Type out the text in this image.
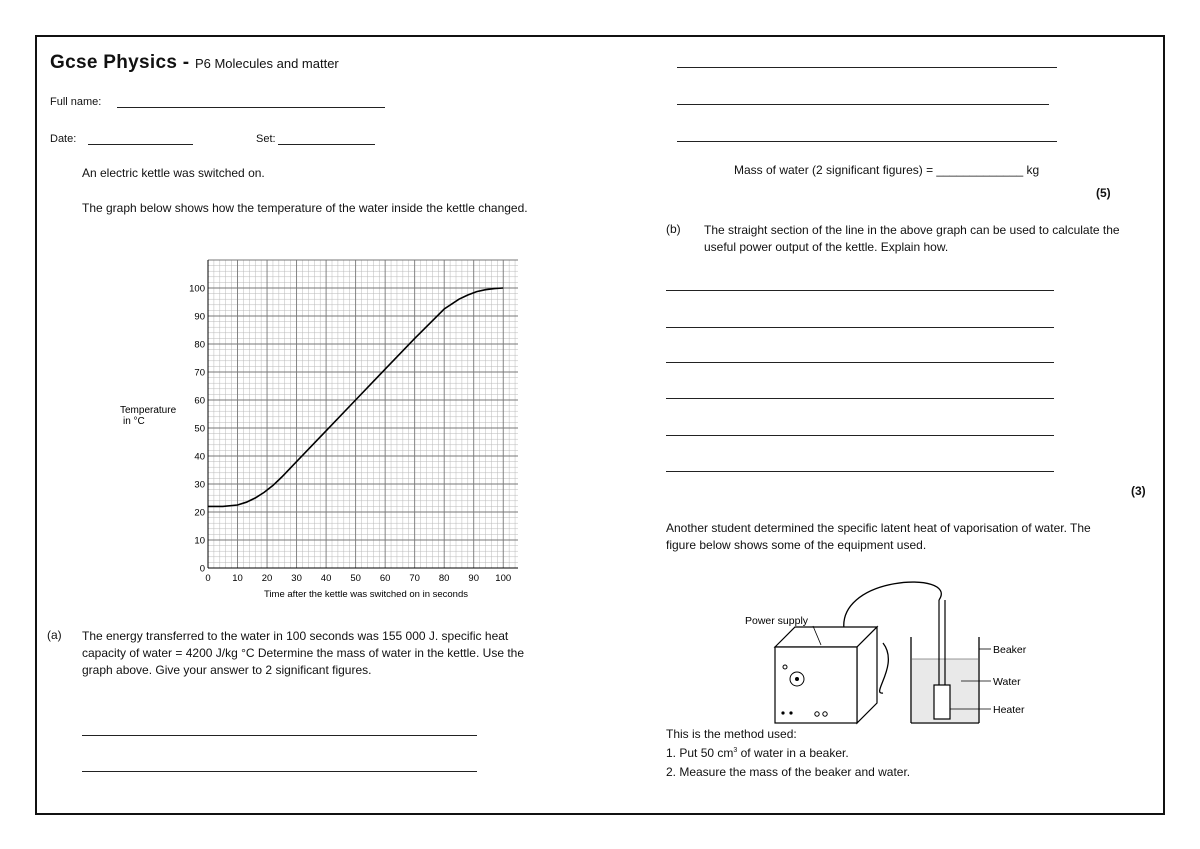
Gcse Physics - P6 Molecules and matter
Full name:
Date:	Set:
An electric kettle was switched on.
The graph below shows how the temperature of the water inside the kettle changed.
0 10 20 30 40 50 60 70 80 90 100
0
10
20
30
40
50
60
70
80
90
100
Temperature
in °C
Time after the kettle was switched on in seconds
(a) The energy transferred to the water in 100 seconds was 155 000 J. specific heat capacity of water = 4200 J/kg °C Determine the mass of water in the kettle. Use the graph above. Give your answer to 2 significant figures.
Mass of water (2 significant figures) = _____________ kg
(5)
(b) The straight section of the line in the above graph can be used to calculate the useful power output of the kettle. Explain how.
(3)
Another student determined the specific latent heat of vaporisation of water. The figure below shows some of the equipment used.
Power supply
Beaker
Water
Heater
This is the method used:
1. Put 50 $cm^3$ of water in a beaker.
2. Measure the mass of the beaker and water.
